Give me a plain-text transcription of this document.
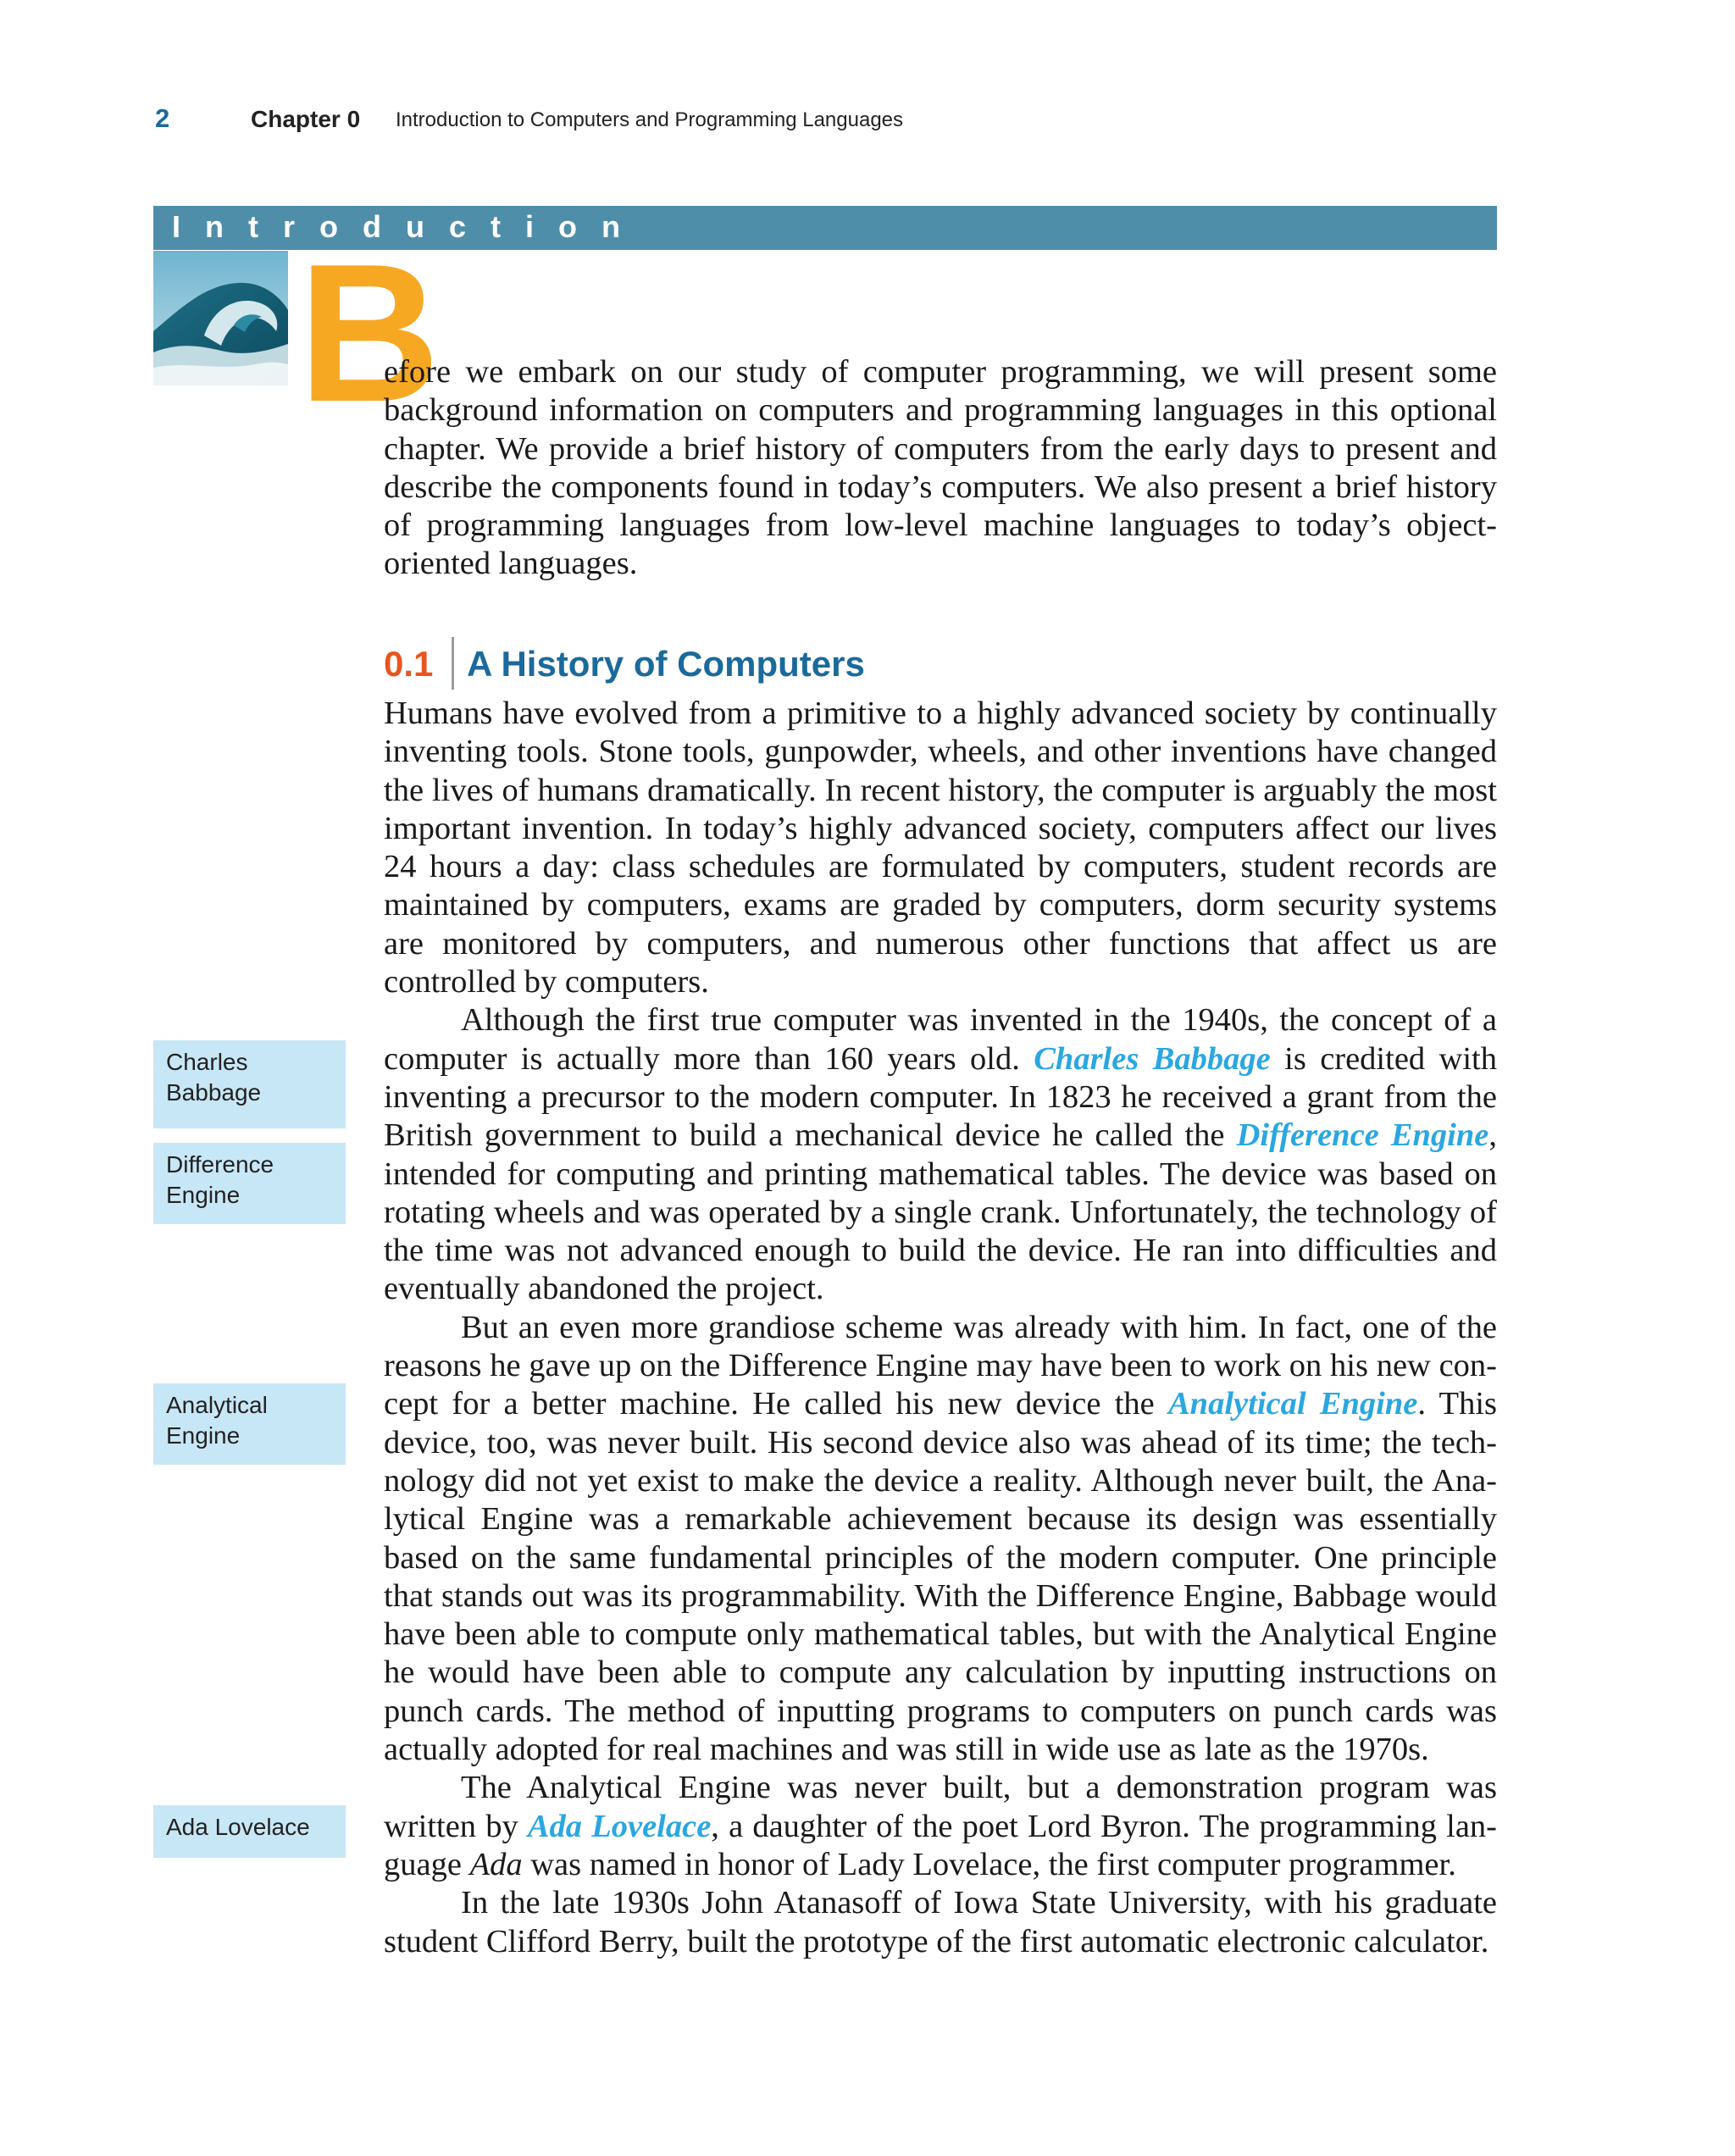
2	Chapter 0 Introduction to Computers and Programming Languages
Introduction
B

efore we embark on our study of computer programming, we will present some background information on computers and programming languages in this optional chapter. We provide a brief history of computers from the early days to present and describe the components found in today’s computers. We also present a brief history of programming languages from low-level machine languages to today’s object-oriented languages.

0.1 A History of Computers

Humans have evolved from a primitive to a highly advanced society by continually inventing tools. Stone tools, gunpowder, wheels, and other inventions have changed the lives of humans dramatically. In recent history, the computer is arguably the most important invention. In today’s highly advanced society, computers affect our lives 24 hours a day: class schedules are formulated by computers, student records are maintained by computers, exams are graded by computers, dorm security systems are monitored by computers, and numerous other functions that affect us are controlled by computers.

Although the first true computer was invented in the 1940s, the concept of a computer is actually more than 160 years old. Charles Babbage is credited with inventing a precursor to the modern computer. In 1823 he received a grant from the British government to build a mechanical device he called the Difference Engine, intended for computing and printing mathematical tables. The device was based on rotating wheels and was operated by a single crank. Unfortunately, the technology of the time was not advanced enough to build the device. He ran into difficulties and eventually abandoned the project.

But an even more grandiose scheme was already with him. In fact, one of the reasons he gave up on the Difference Engine may have been to work on his new concept for a better machine. He called his new device the Analytical Engine. This device, too, was never built. His second device also was ahead of its time; the technology did not yet exist to make the device a reality. Although never built, the Analytical Engine was a remarkable achievement because its design was essentially based on the same fundamental principles of the modern computer. One principle that stands out was its programmability. With the Difference Engine, Babbage would have been able to compute only mathematical tables, but with the Analytical Engine he would have been able to compute any calculation by inputting instructions on punch cards. The method of inputting programs to computers on punch cards was actually adopted for real machines and was still in wide use as late as the 1970s.

The Analytical Engine was never built, but a demonstration program was written by Ada Lovelace, a daughter of the poet Lord Byron. The programming language Ada was named in honor of Lady Lovelace, the first computer programmer.

In the late 1930s John Atanasoff of Iowa State University, with his graduate student Clifford Berry, built the prototype of the first automatic electronic calculator.

Charles
Babbage
Difference
Engine
Analytical
Engine
Ada Lovelace
